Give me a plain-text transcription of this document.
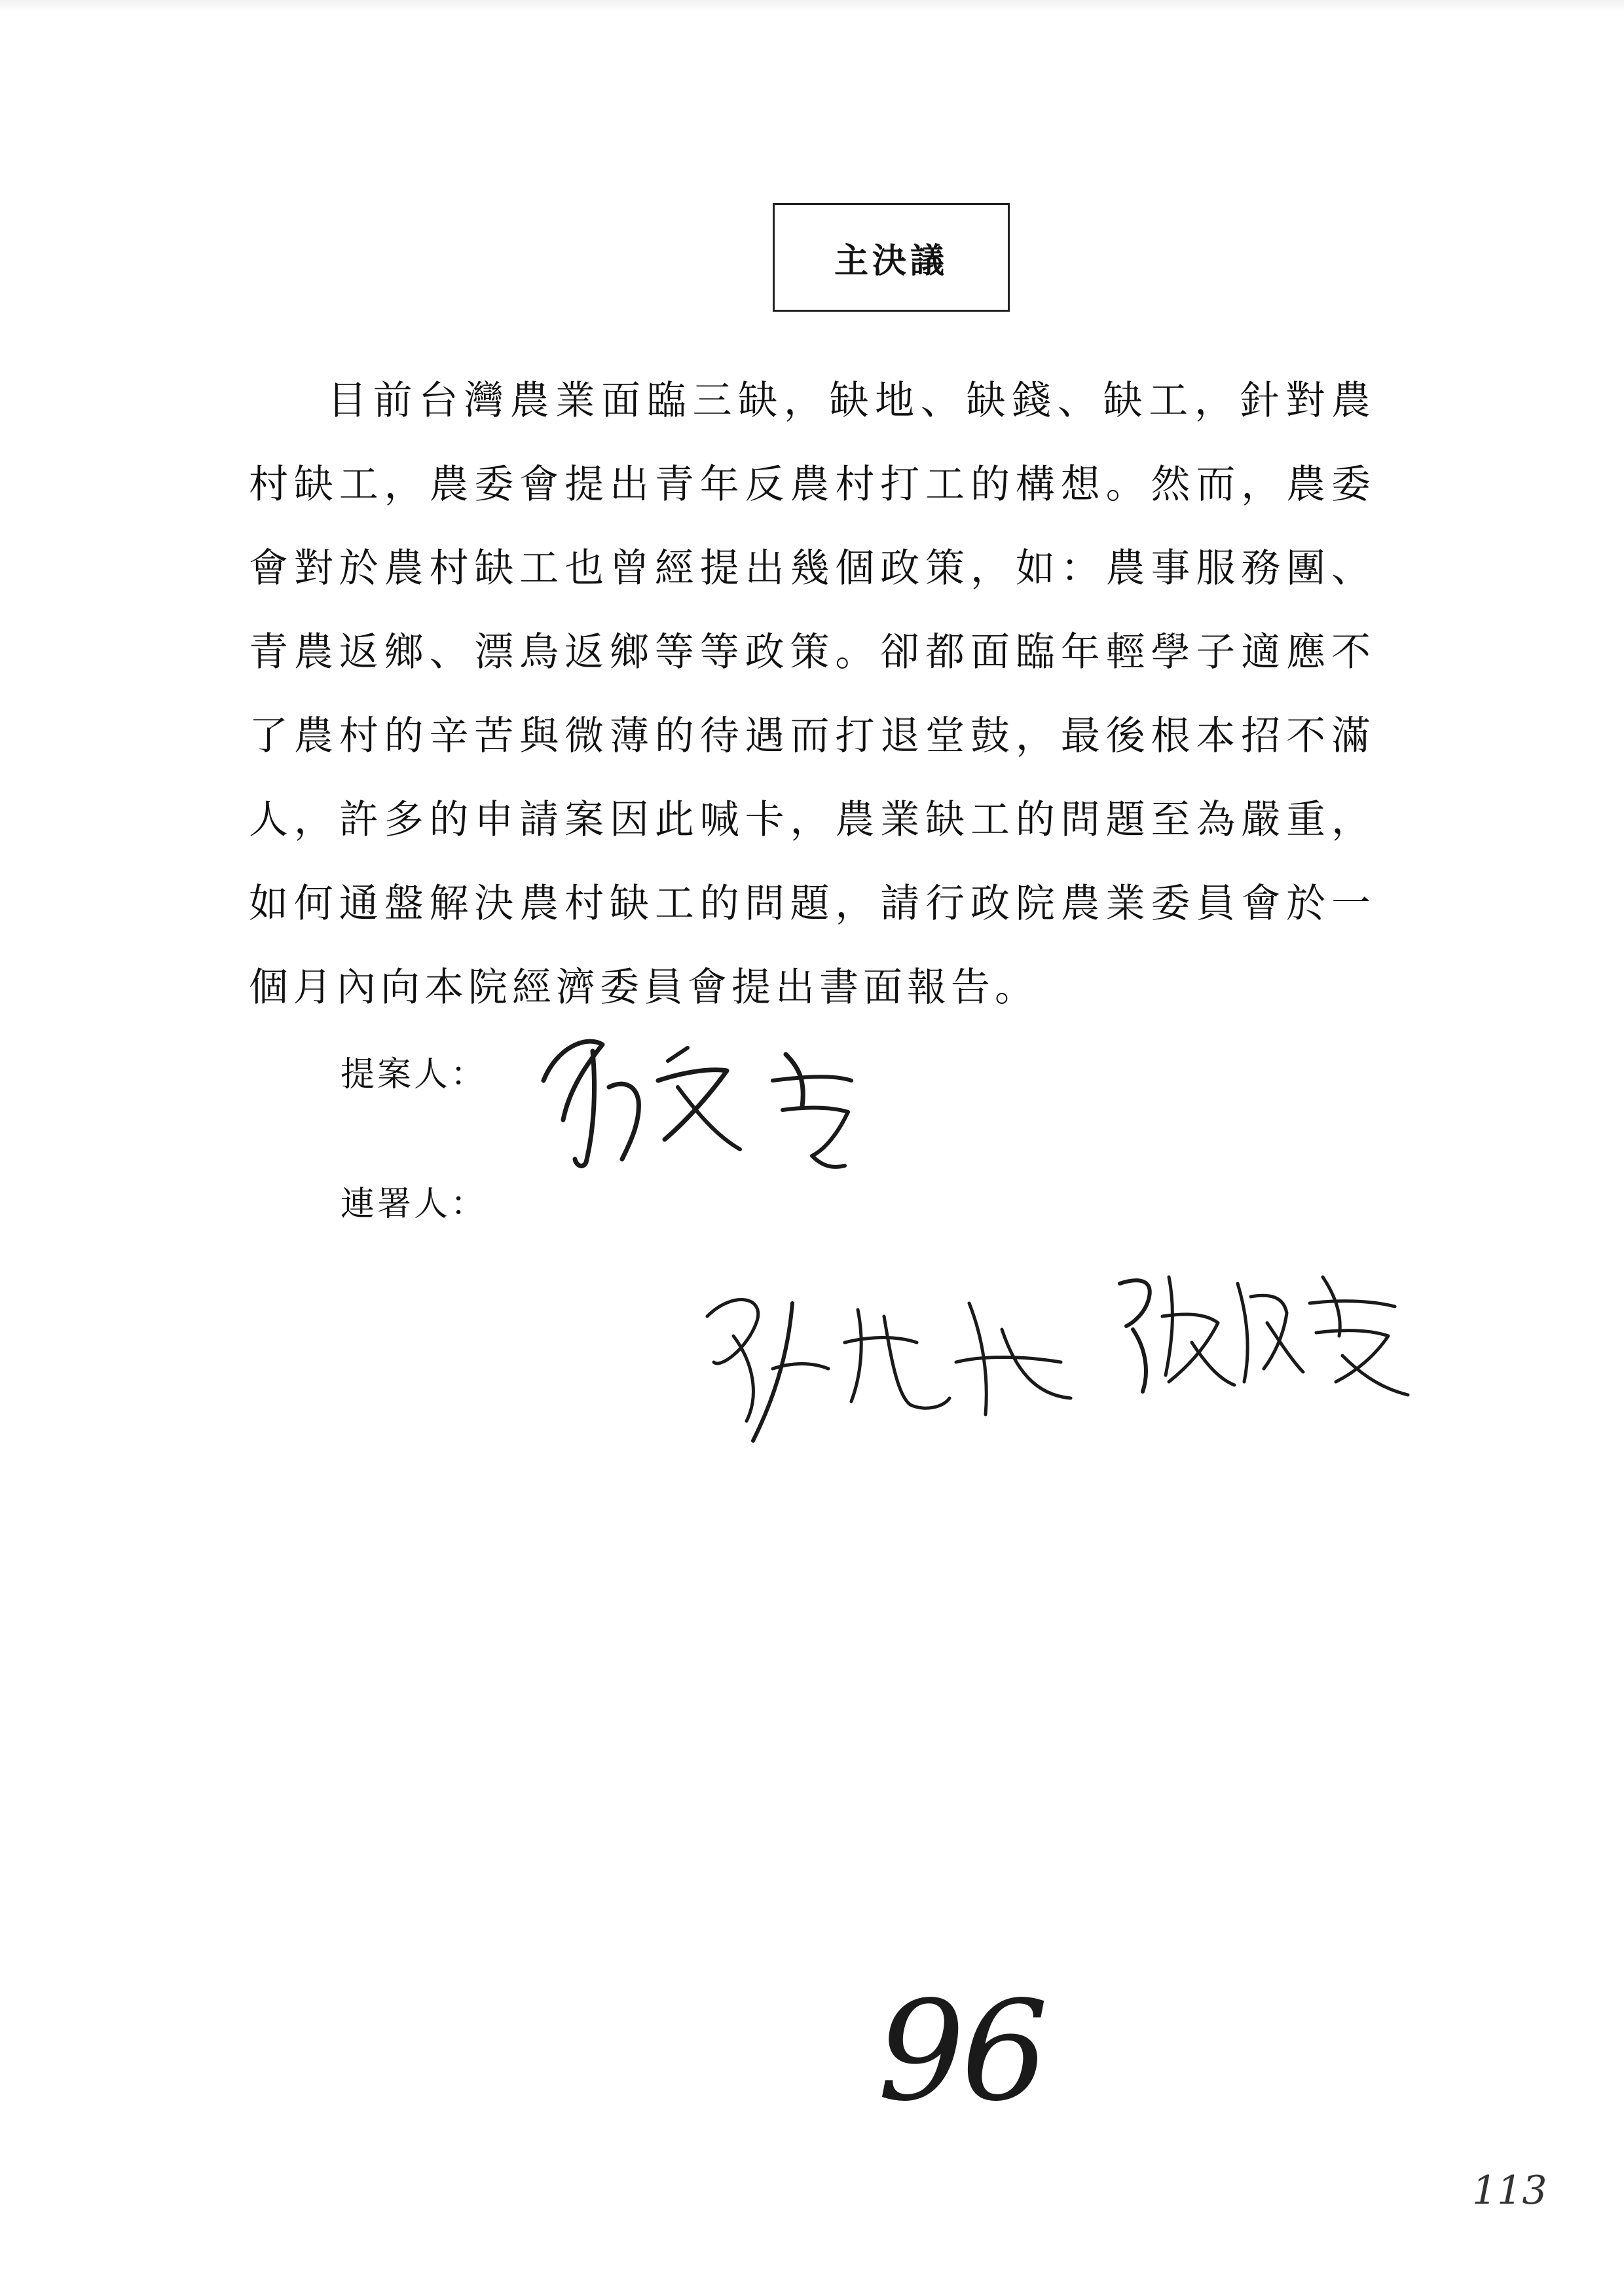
主決議

目前台灣農業面臨三缺，缺地、缺錢、缺工，針對農村缺工，農委會提出青年反農村打工的構想。然而，農委會對於農村缺工也曾經提出幾個政策，如：農事服務團、青農返鄉、漂鳥返鄉等等政策。卻都面臨年輕學子適應不了農村的辛苦與微薄的待遇而打退堂鼓，最後根本招不滿人，許多的申請案因此喊卡，農業缺工的問題至為嚴重，如何通盤解決農村缺工的問題，請行政院農業委員會於一個月內向本院經濟委員會提出書面報告。

提案人：
連署人：
96
113
